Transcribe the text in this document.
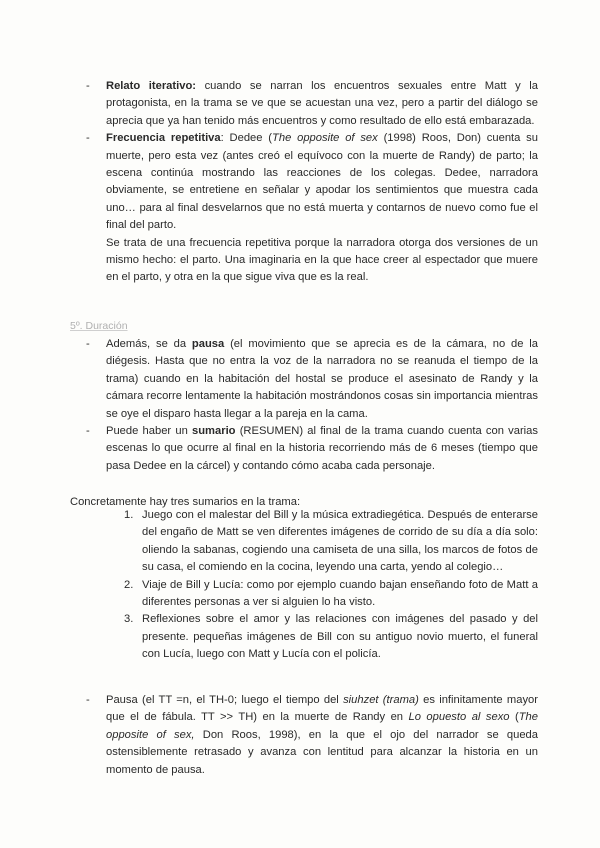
- Relato iterativo: cuando se narran los encuentros sexuales entre Matt y la protagonista, en la trama se ve que se acuestan una vez, pero a partir del diálogo se aprecia que ya han tenido más encuentros y como resultado de ello está embarazada.
- Frecuencia repetitiva: Dedee (The opposite of sex (1998) Roos, Don) cuenta su muerte, pero esta vez (antes creó el equívoco con la muerte de Randy) de parto; la escena continúa mostrando las reacciones de los colegas. Dedee, narradora obviamente, se entretiene en señalar y apodar los sentimientos que muestra cada uno… para al final desvelarnos que no está muerta y contarnos de nuevo como fue el final del parto.

Se trata de una frecuencia repetitiva porque la narradora otorga dos versiones de un mismo hecho: el parto. Una imaginaria en la que hace creer al espectador que muere en el parto, y otra en la que sigue viva que es la real.

5º. Duración
- Además, se da pausa (el movimiento que se aprecia es de la cámara, no de la diégesis. Hasta que no entra la voz de la narradora no se reanuda el tiempo de la trama) cuando en la habitación del hostal se produce el asesinato de Randy y la cámara recorre lentamente la habitación mostrándonos cosas sin importancia mientras se oye el disparo hasta llegar a la pareja en la cama.
- Puede haber un sumario (RESUMEN) al final de la trama cuando cuenta con varias escenas lo que ocurre al final en la historia recorriendo más de 6 meses (tiempo que pasa Dedee en la cárcel) y contando cómo acaba cada personaje.

Concretamente hay tres sumarios en la trama:

1. Juego con el malestar del Bill y la música extradiegética. Después de enterarse del engaño de Matt se ven diferentes imágenes de corrido de su día a día solo: oliendo la sabanas, cogiendo una camiseta de una silla, los marcos de fotos de su casa, el comiendo en la cocina, leyendo una carta, yendo al colegio…
2. Viaje de Bill y Lucía: como por ejemplo cuando bajan enseñando foto de Matt a diferentes personas a ver si alguien lo ha visto.
3. Reflexiones sobre el amor y las relaciones con imágenes del pasado y del presente. pequeñas imágenes de Bill con su antiguo novio muerto, el funeral con Lucía, luego con Matt y Lucía con el policía.
- Pausa (el TT =n, el TH-0; luego el tiempo del siuhzet (trama) es infinitamente mayor que el de fábula. TT >> TH) en la muerte de Randy en Lo opuesto al sexo (The opposite of sex, Don Roos, 1998), en la que el ojo del narrador se queda ostensiblemente retrasado y avanza con lentitud para alcanzar la historia en un momento de pausa.
